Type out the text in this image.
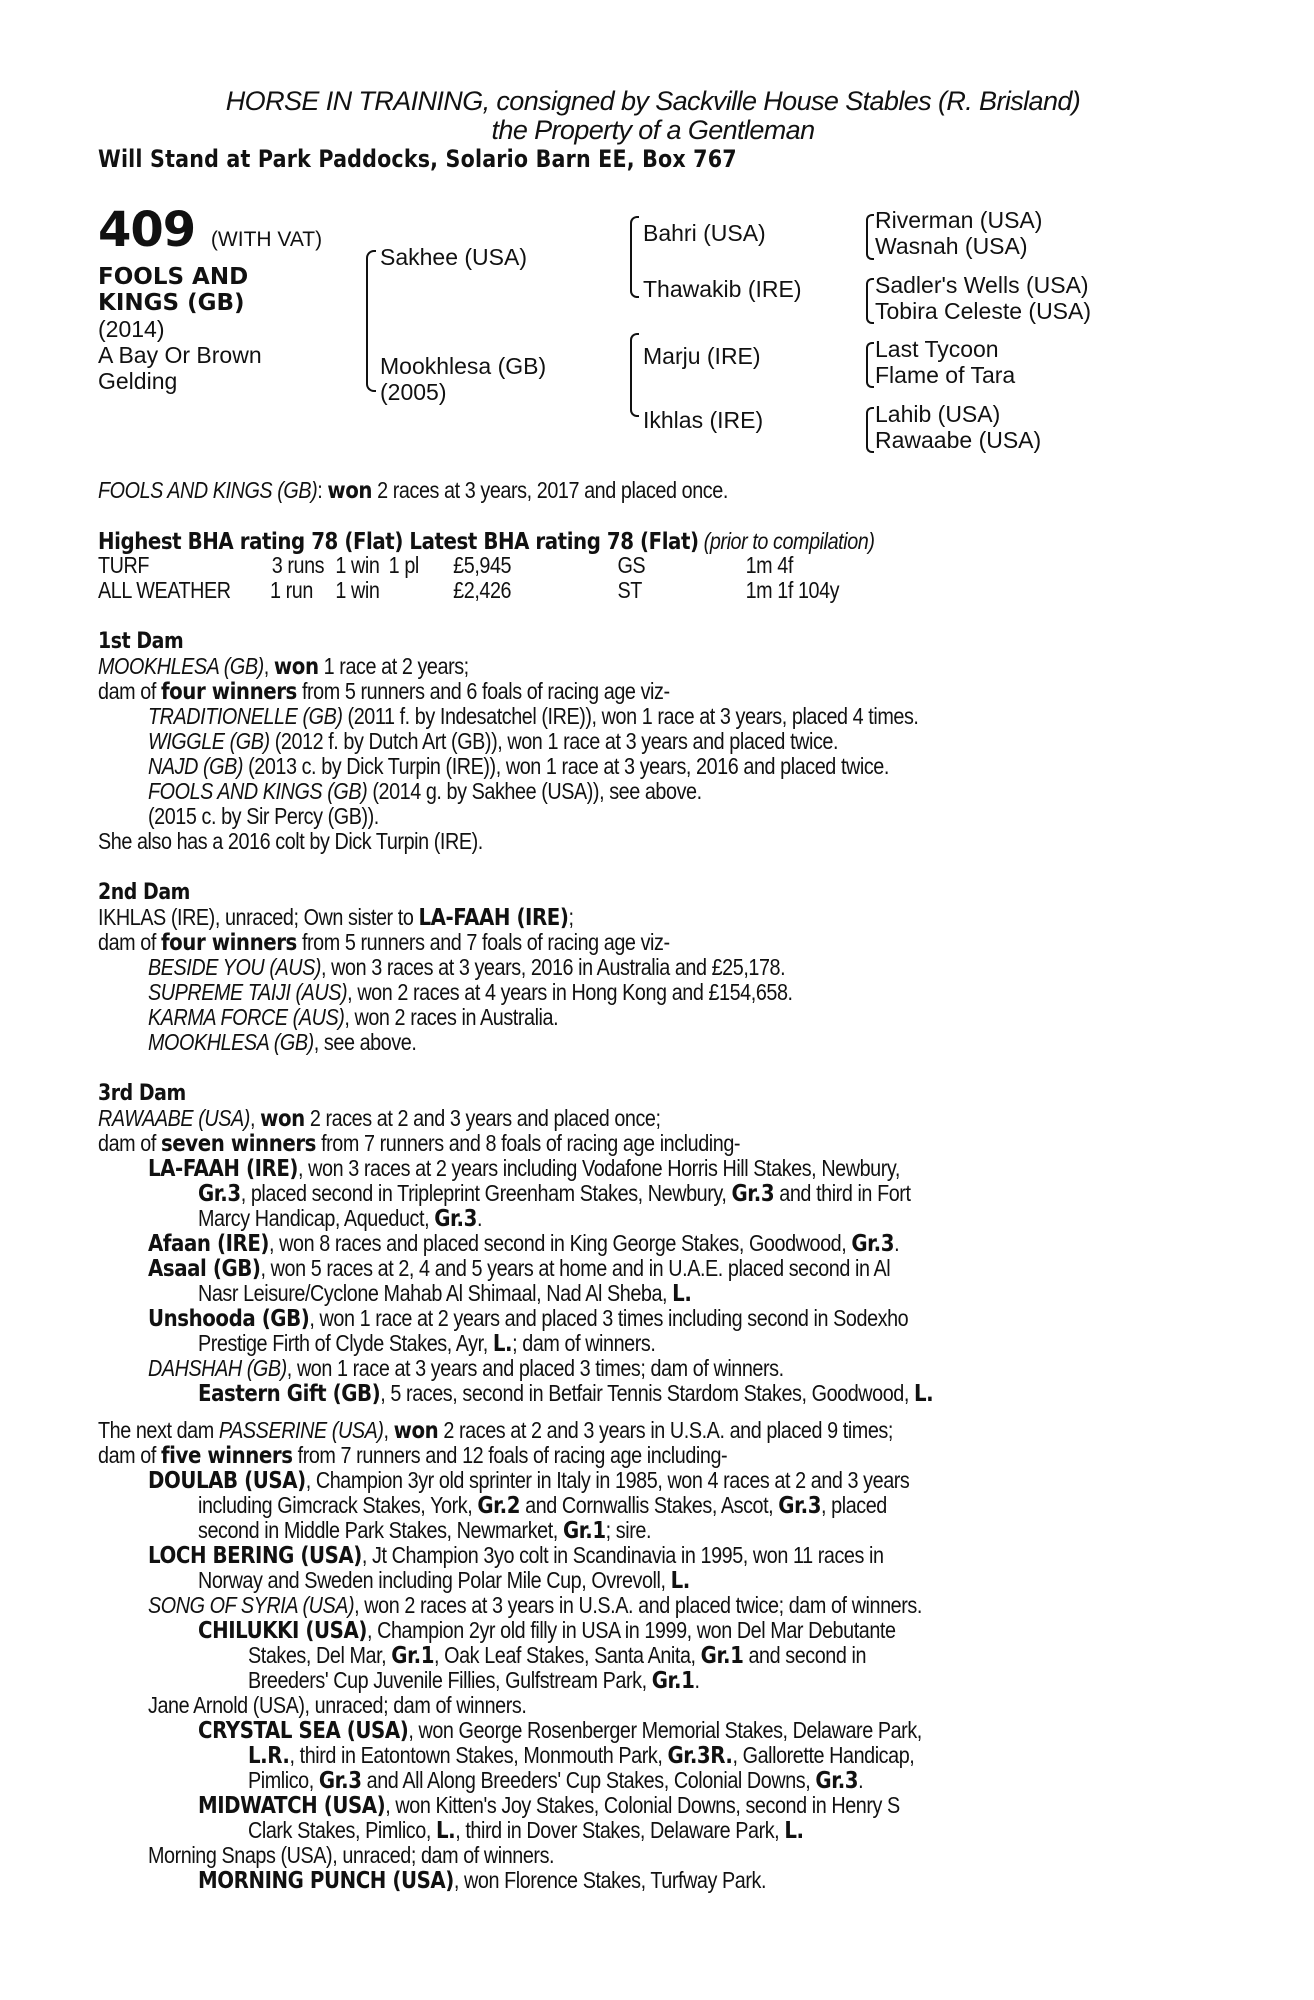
HORSE IN TRAINING, consigned by Sackville House Stables (R. Brisland)
the Property of a Gentleman
Will Stand at Park Paddocks, Solario Barn EE, Box 767
409 (WITH VAT)
FOOLS AND
KINGS (GB)
(2014)
A Bay Or Brown
Gelding
Sakhee (USA)
Mookhlesa (GB)
(2005)
Bahri (USA)
Thawakib (IRE)
Marju (IRE)
Ikhlas (IRE)
Riverman (USA)
Wasnah (USA)
Sadler's Wells (USA)
Tobira Celeste (USA)
Last Tycoon
Flame of Tara
Lahib (USA)
Rawaabe (USA)
FOOLS AND KINGS (GB): won 2 races at 3 years, 2017 and placed once.
Highest BHA rating 78 (Flat) Latest BHA rating 78 (Flat) (prior to compilation)
TURF	3 runs 1 win 1 pl £5,945	GS	1m 4f
ALL WEATHER 1 run 1 win	£2,426	ST	1m 1f 104y
1st Dam
MOOKHLESA (GB), won 1 race at 2 years;
dam of four winners from 5 runners and 6 foals of racing age viz-
TRADITIONELLE (GB) (2011 f. by Indesatchel (IRE)), won 1 race at 3 years, placed 4 times.
WIGGLE (GB) (2012 f. by Dutch Art (GB)), won 1 race at 3 years and placed twice.
NAJD (GB) (2013 c. by Dick Turpin (IRE)), won 1 race at 3 years, 2016 and placed twice.
FOOLS AND KINGS (GB) (2014 g. by Sakhee (USA)), see above.
(2015 c. by Sir Percy (GB)).
She also has a 2016 colt by Dick Turpin (IRE).
2nd Dam
IKHLAS (IRE), unraced; Own sister to LA-FAAH (IRE);
dam of four winners from 5 runners and 7 foals of racing age viz-
BESIDE YOU (AUS), won 3 races at 3 years, 2016 in Australia and £25,178.
SUPREME TAIJI (AUS), won 2 races at 4 years in Hong Kong and £154,658.
KARMA FORCE (AUS), won 2 races in Australia.
MOOKHLESA (GB), see above.
3rd Dam
RAWAABE (USA), won 2 races at 2 and 3 years and placed once;
dam of seven winners from 7 runners and 8 foals of racing age including-
LA-FAAH (IRE), won 3 races at 2 years including Vodafone Horris Hill Stakes, Newbury,
Gr.3, placed second in Tripleprint Greenham Stakes, Newbury, Gr.3 and third in Fort
Marcy Handicap, Aqueduct, Gr.3.
Afaan (IRE), won 8 races and placed second in King George Stakes, Goodwood, Gr.3.
Asaal (GB), won 5 races at 2, 4 and 5 years at home and in U.A.E. placed second in Al
Nasr Leisure/Cyclone Mahab Al Shimaal, Nad Al Sheba, L.
Unshooda (GB), won 1 race at 2 years and placed 3 times including second in Sodexho
Prestige Firth of Clyde Stakes, Ayr, L.; dam of winners.
DAHSHAH (GB), won 1 race at 3 years and placed 3 times; dam of winners.
Eastern Gift (GB), 5 races, second in Betfair Tennis Stardom Stakes, Goodwood, L.
The next dam PASSERINE (USA), won 2 races at 2 and 3 years in U.S.A. and placed 9 times;
dam of five winners from 7 runners and 12 foals of racing age including-
DOULAB (USA), Champion 3yr old sprinter in Italy in 1985, won 4 races at 2 and 3 years
including Gimcrack Stakes, York, Gr.2 and Cornwallis Stakes, Ascot, Gr.3, placed
second in Middle Park Stakes, Newmarket, Gr.1; sire.
LOCH BERING (USA), Jt Champion 3yo colt in Scandinavia in 1995, won 11 races in
Norway and Sweden including Polar Mile Cup, Ovrevoll, L.
SONG OF SYRIA (USA), won 2 races at 3 years in U.S.A. and placed twice; dam of winners.
CHILUKKI (USA), Champion 2yr old filly in USA in 1999, won Del Mar Debutante
Stakes, Del Mar, Gr.1, Oak Leaf Stakes, Santa Anita, Gr.1 and second in
Breeders' Cup Juvenile Fillies, Gulfstream Park, Gr.1.
Jane Arnold (USA), unraced; dam of winners.
CRYSTAL SEA (USA), won George Rosenberger Memorial Stakes, Delaware Park,
L.R., third in Eatontown Stakes, Monmouth Park, Gr.3R., Gallorette Handicap,
Pimlico, Gr.3 and All Along Breeders' Cup Stakes, Colonial Downs, Gr.3.
MIDWATCH (USA), won Kitten's Joy Stakes, Colonial Downs, second in Henry S
Clark Stakes, Pimlico, L., third in Dover Stakes, Delaware Park, L.
Morning Snaps (USA), unraced; dam of winners.
MORNING PUNCH (USA), won Florence Stakes, Turfway Park.
